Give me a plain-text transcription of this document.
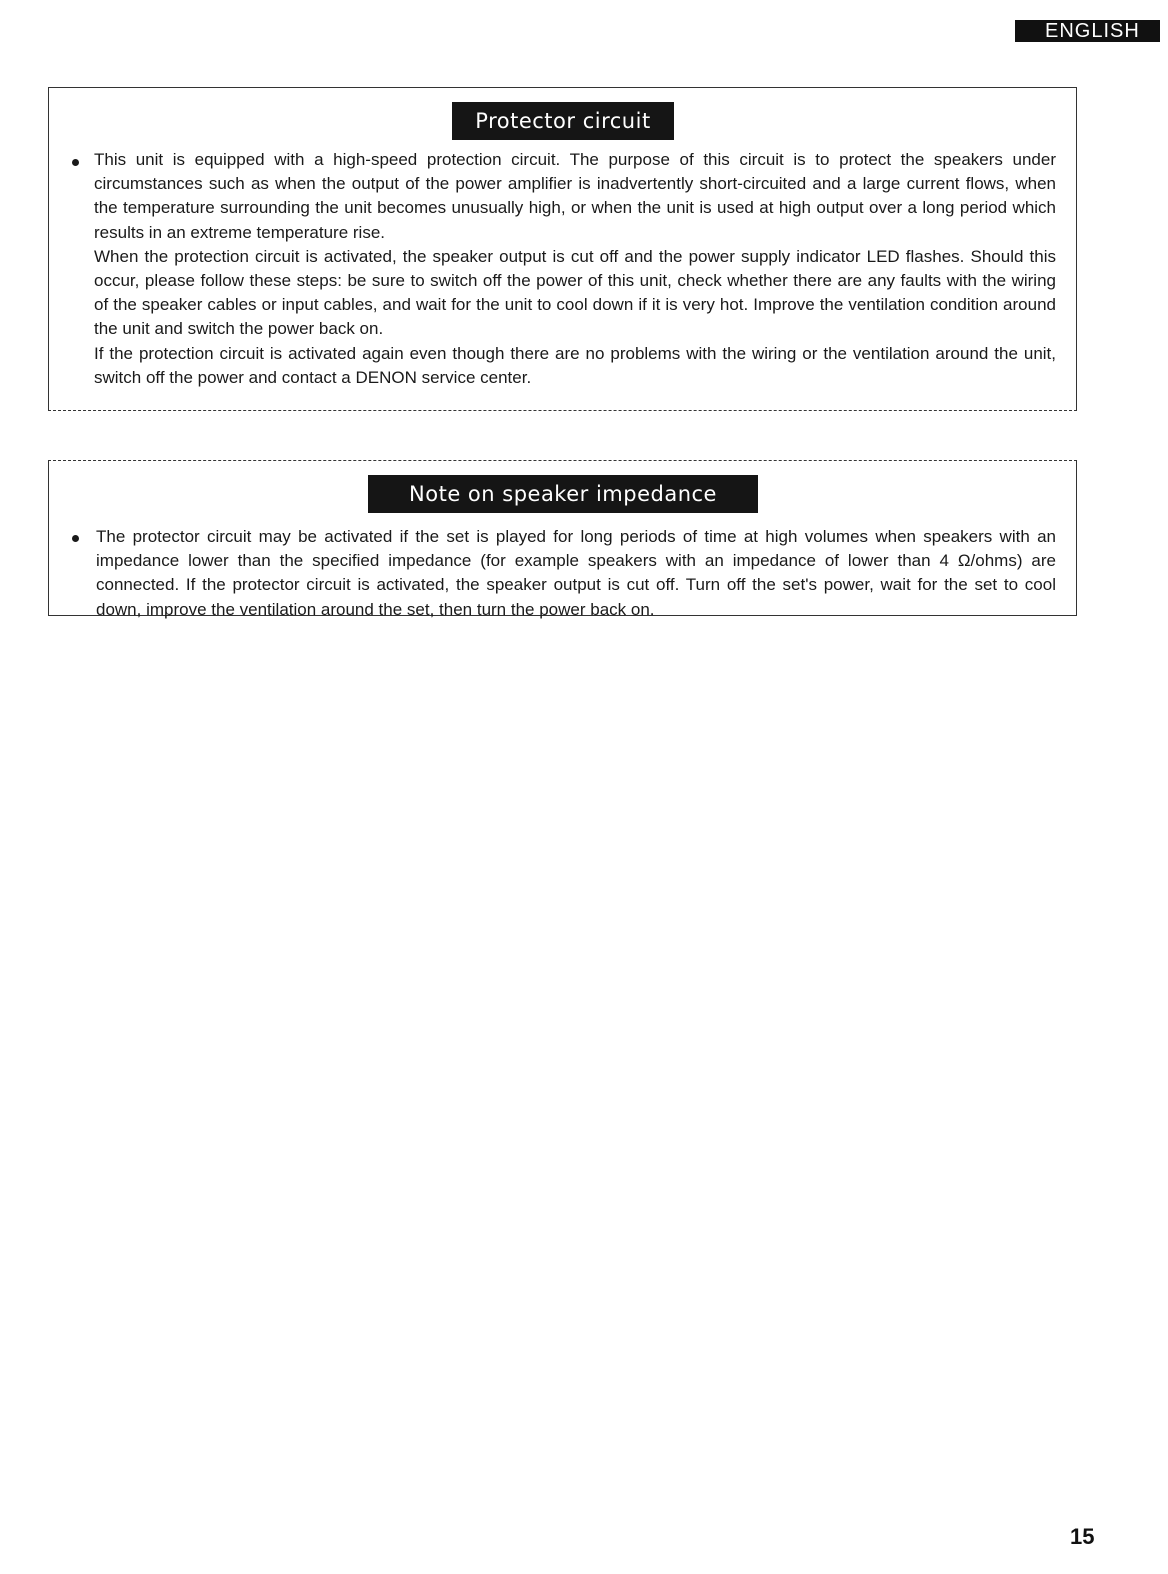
ENGLISH
Protector circuit

This unit is equipped with a high-speed protection circuit. The purpose of this circuit is to protect the speakers under circumstances such as when the output of the power amplifier is inadvertently short-circuited and a large current flows, when the temperature surrounding the unit becomes unusually high, or when the unit is used at high output over a long period which results in an extreme temperature rise.

When the protection circuit is activated, the speaker output is cut off and the power supply indicator LED flashes. Should this occur, please follow these steps: be sure to switch off the power of this unit, check whether there are any faults with the wiring of the speaker cables or input cables, and wait for the unit to cool down if it is very hot. Improve the ventilation condition around the unit and switch the power back on.

If the protection circuit is activated again even though there are no problems with the wiring or the ventilation around the unit, switch off the power and contact a DENON service center.

Note on speaker impedance

The protector circuit may be activated if the set is played for long periods of time at high volumes when speakers with an impedance lower than the specified impedance (for example speakers with an impedance of lower than 4 Ω/ohms) are connected. If the protector circuit is activated, the speaker output is cut off. Turn off the set's power, wait for the set to cool down, improve the ventilation around the set, then turn the power back on.

15
